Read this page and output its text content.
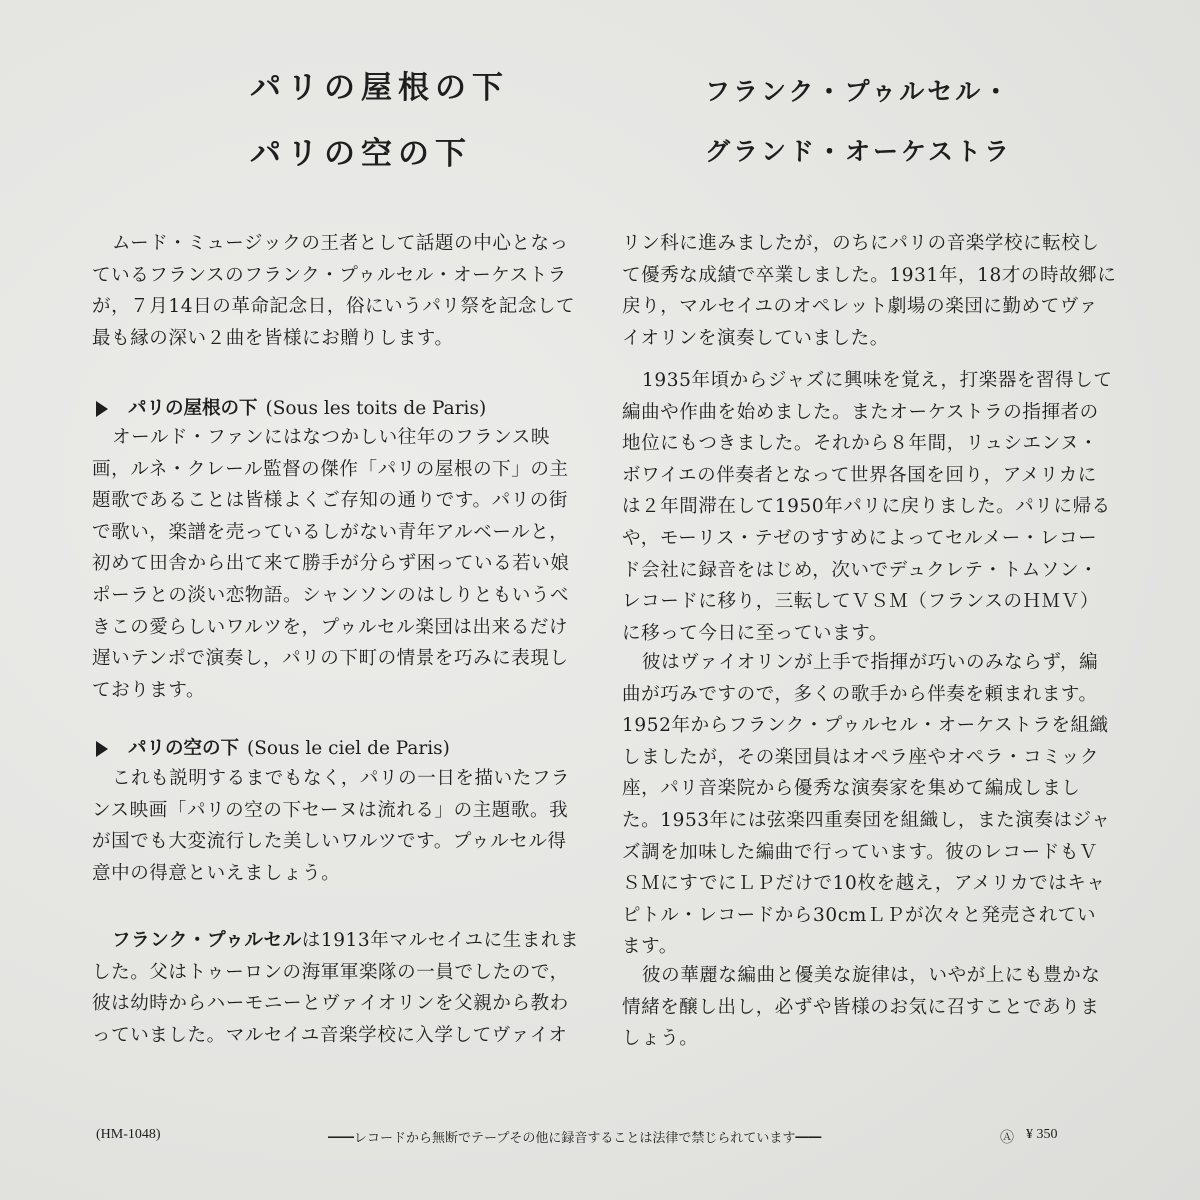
パリの屋根の下
パリの空の下
フランク・プゥルセル・
グランド・オーケストラ
ムード・ミュージックの王者として話題の中心となっ
ているフランスのフランク・プゥルセル・オーケストラ
が，７月14日の革命記念日，俗にいうパリ祭を記念して
最も縁の深い２曲を皆様にお贈りします。
パリの屋根の下 (Sous les toits de Paris)
オールド・ファンにはなつかしい往年のフランス映
画，ルネ・クレール監督の傑作「パリの屋根の下」の主
題歌であることは皆様よくご存知の通りです。パリの街
で歌い，楽譜を売っているしがない青年アルベールと，
初めて田舎から出て来て勝手が分らず困っている若い娘
ポーラとの淡い恋物語。シャンソンのはしりともいうべ
きこの愛らしいワルツを，プゥルセル楽団は出来るだけ
遅いテンポで演奏し，パリの下町の情景を巧みに表現し
ております。
パリの空の下 (Sous le ciel de Paris)
これも説明するまでもなく，パリの一日を描いたフラ
ンス映画「パリの空の下セーヌは流れる」の主題歌。我
が国でも大変流行した美しいワルツです。プゥルセル得
意中の得意といえましょう。
フランク・プゥルセルは1913年マルセイユに生まれま
した。父はトゥーロンの海軍軍楽隊の一員でしたので，
彼は幼時からハーモニーとヴァイオリンを父親から教わ
っていました。マルセイユ音楽学校に入学してヴァイオ
リン科に進みましたが，のちにパリの音楽学校に転校し
て優秀な成績で卒業しました。1931年，18才の時故郷に
戻り，マルセイユのオペレット劇場の楽団に勤めてヴァ
イオリンを演奏していました。
1935年頃からジャズに興味を覚え，打楽器を習得して
編曲や作曲を始めました。またオーケストラの指揮者の
地位にもつきました。それから８年間，リュシエンヌ・
ボワイエの伴奏者となって世界各国を回り，アメリカに
は２年間滞在して1950年パリに戻りました。パリに帰る
や，モーリス・テゼのすすめによってセルメー・レコー
ド会社に録音をはじめ，次いでデュクレテ・トムソン・
レコードに移り，三転してＶＳＭ（フランスのＨＭＶ）
に移って今日に至っています。
彼はヴァイオリンが上手で指揮が巧いのみならず，編
曲が巧みですので，多くの歌手から伴奏を頼まれます。
1952年からフランク・プゥルセル・オーケストラを組織
しましたが，その楽団員はオペラ座やオペラ・コミック
座，パリ音楽院から優秀な演奏家を集めて編成しまし
た。1953年には弦楽四重奏団を組織し，また演奏はジャ
ズ調を加味した編曲で行っています。彼のレコードもＶ
ＳＭにすでにＬＰだけで10枚を越え，アメリカではキャ
ピトル・レコードから30cmＬＰが次々と発売されてい
ます。
彼の華麗な編曲と優美な旋律は，いやが上にも豊かな
情緒を醸し出し，必ずや皆様のお気に召すことでありま
しょう。
(HM-1048)	━━レコードから無断でテープその他に録音することは法律で禁じられています━━	Ⓐ ¥ 350
